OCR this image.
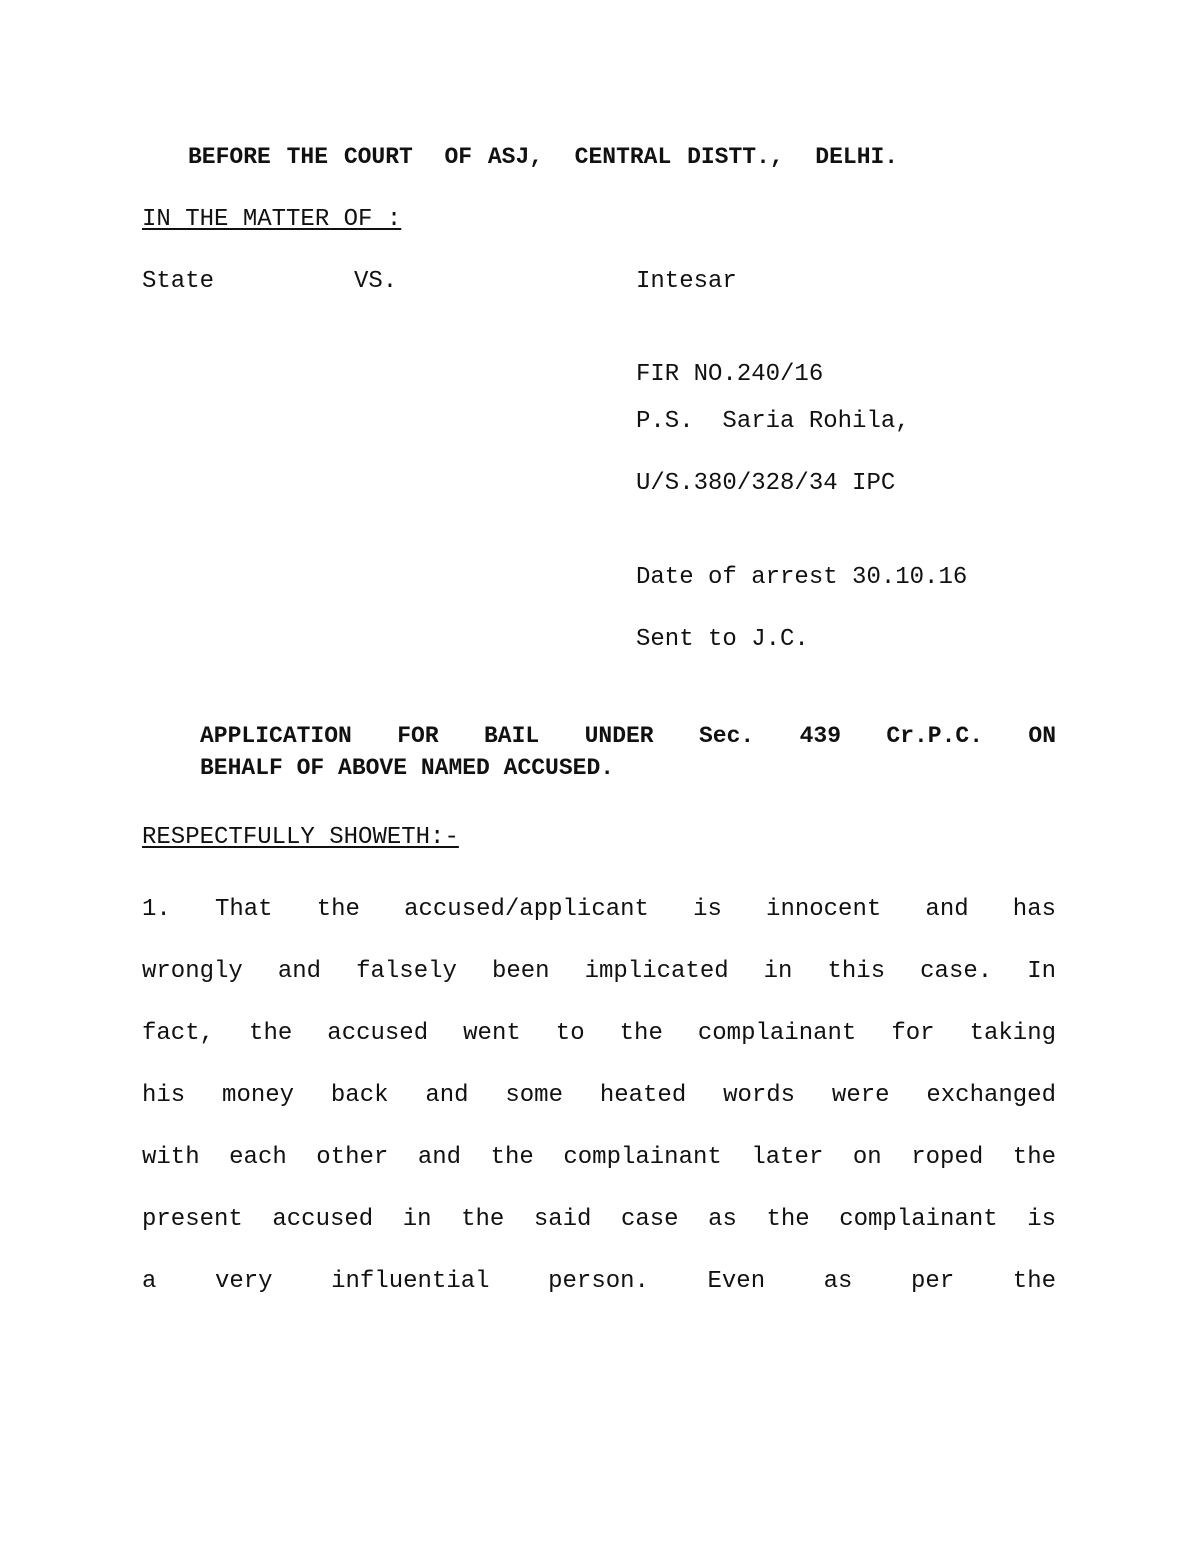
BEFORE THE COURT  OF ASJ,  CENTRAL DISTT.,  DELHI.
IN THE MATTER OF :
State	VS.	Intesar
FIR NO.240/16
P.S.  Saria Rohila,
U/S.380/328/34 IPC
Date of arrest 30.10.16
Sent to J.C.
APPLICATION FOR BAIL UNDER Sec. 439 Cr.P.C. ON
BEHALF OF ABOVE NAMED ACCUSED.
RESPECTFULLY SHOWETH:-
1. That the accused/applicant is innocent and has
wrongly and falsely been implicated in this case. In
fact, the accused went to the complainant for taking
his money back and some heated words were exchanged
with each other and the complainant later on roped the
present accused in the said case as the complainant is
a very influential person. Even as per the
